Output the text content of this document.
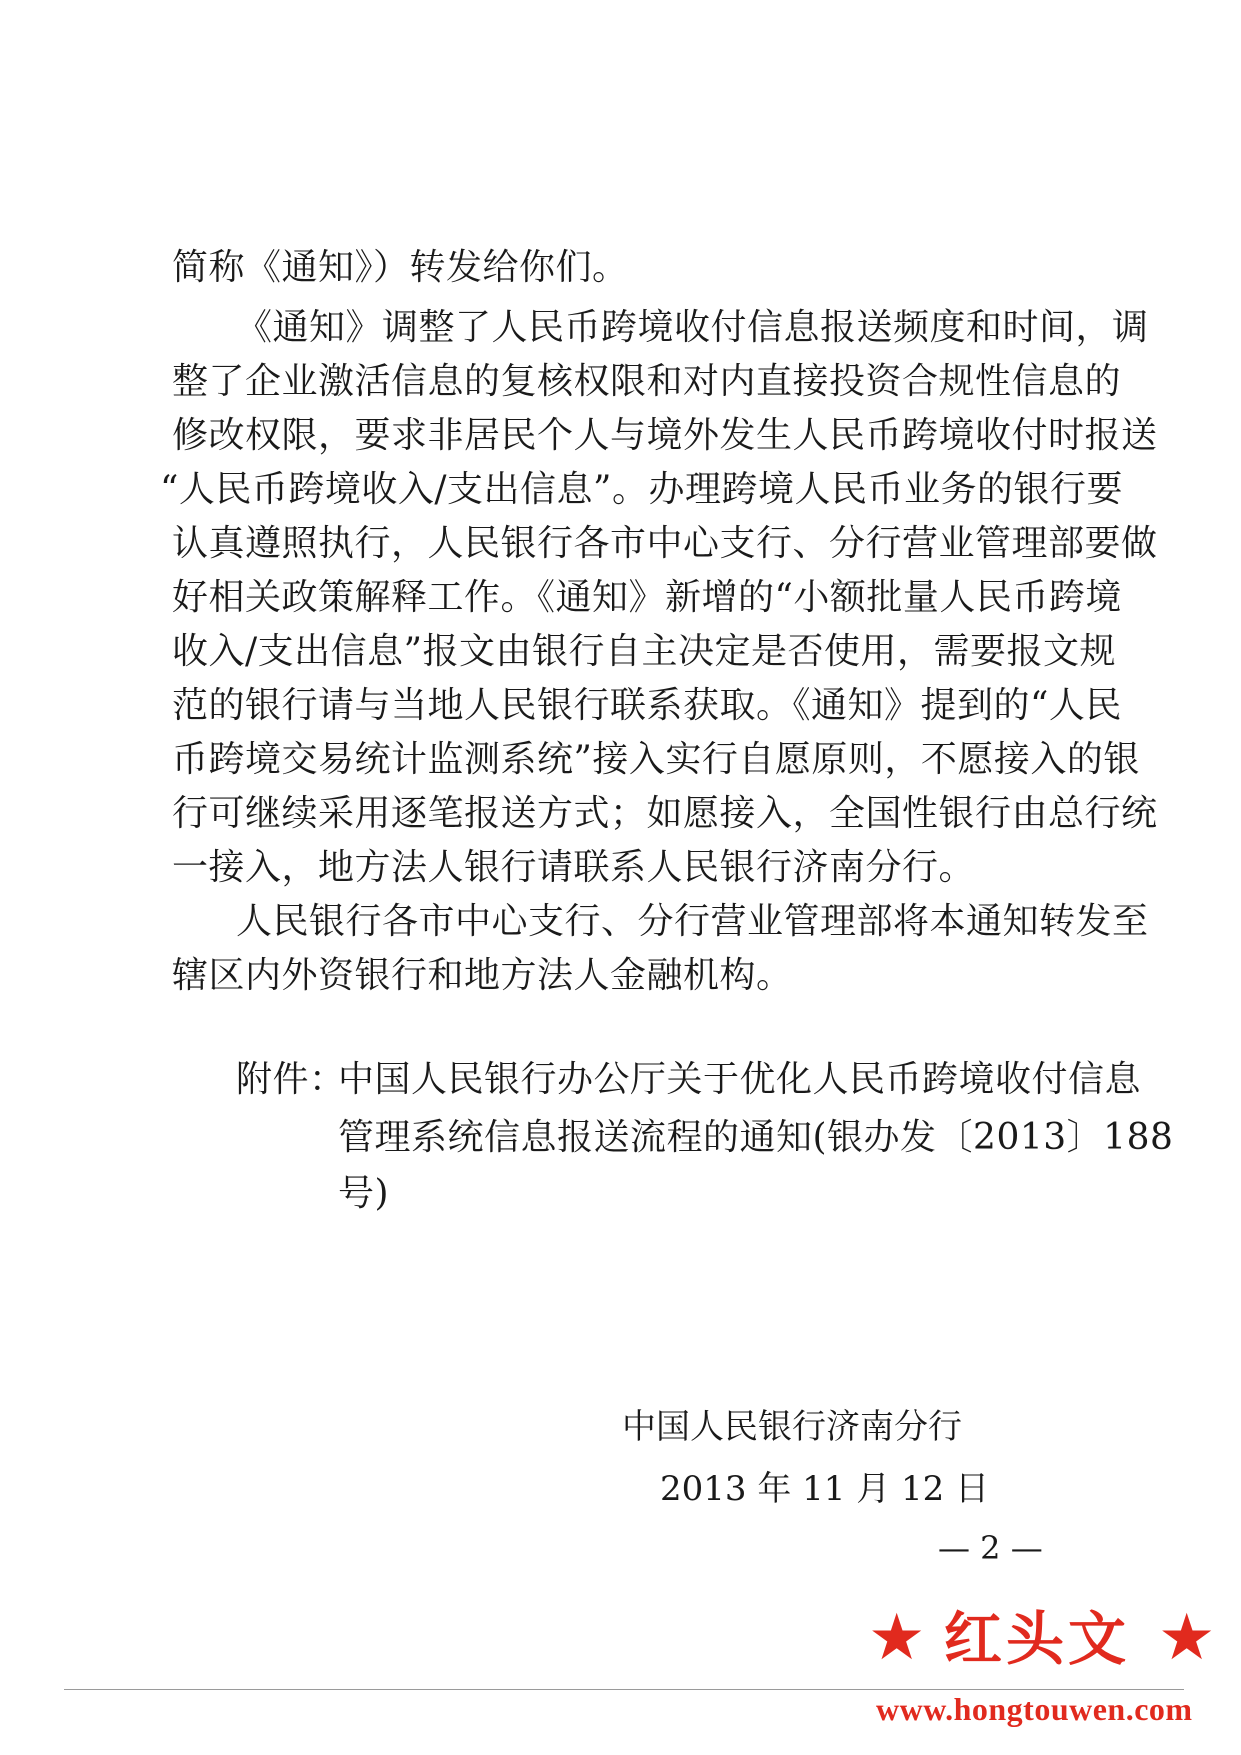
简称《通知》）转发给你们。
《通知》调整了人民币跨境收付信息报送频度和时间，调
整了企业激活信息的复核权限和对内直接投资合规性信息的
修改权限，要求非居民个人与境外发生人民币跨境收付时报送
“人民币跨境收入/支出信息”。办理跨境人民币业务的银行要
认真遵照执行，人民银行各市中心支行、分行营业管理部要做
好相关政策解释工作。《通知》新增的“小额批量人民币跨境
收入/支出信息”报文由银行自主决定是否使用，需要报文规
范的银行请与当地人民银行联系获取。《通知》提到的“人民
币跨境交易统计监测系统”接入实行自愿原则，不愿接入的银
行可继续采用逐笔报送方式；如愿接入，全国性银行由总行统
一接入，地方法人银行请联系人民银行济南分行。
人民银行各市中心支行、分行营业管理部将本通知转发至
辖区内外资银行和地方法人金融机构。
附件：
中国人民银行办公厅关于优化人民币跨境收付信息
管理系统信息报送流程的通知(银办发〔2013〕188
号)
中国人民银行济南分行
2013 年 11 月 12 日
— 2 —
★ 红头文 ★
www.hongtouwen.com
